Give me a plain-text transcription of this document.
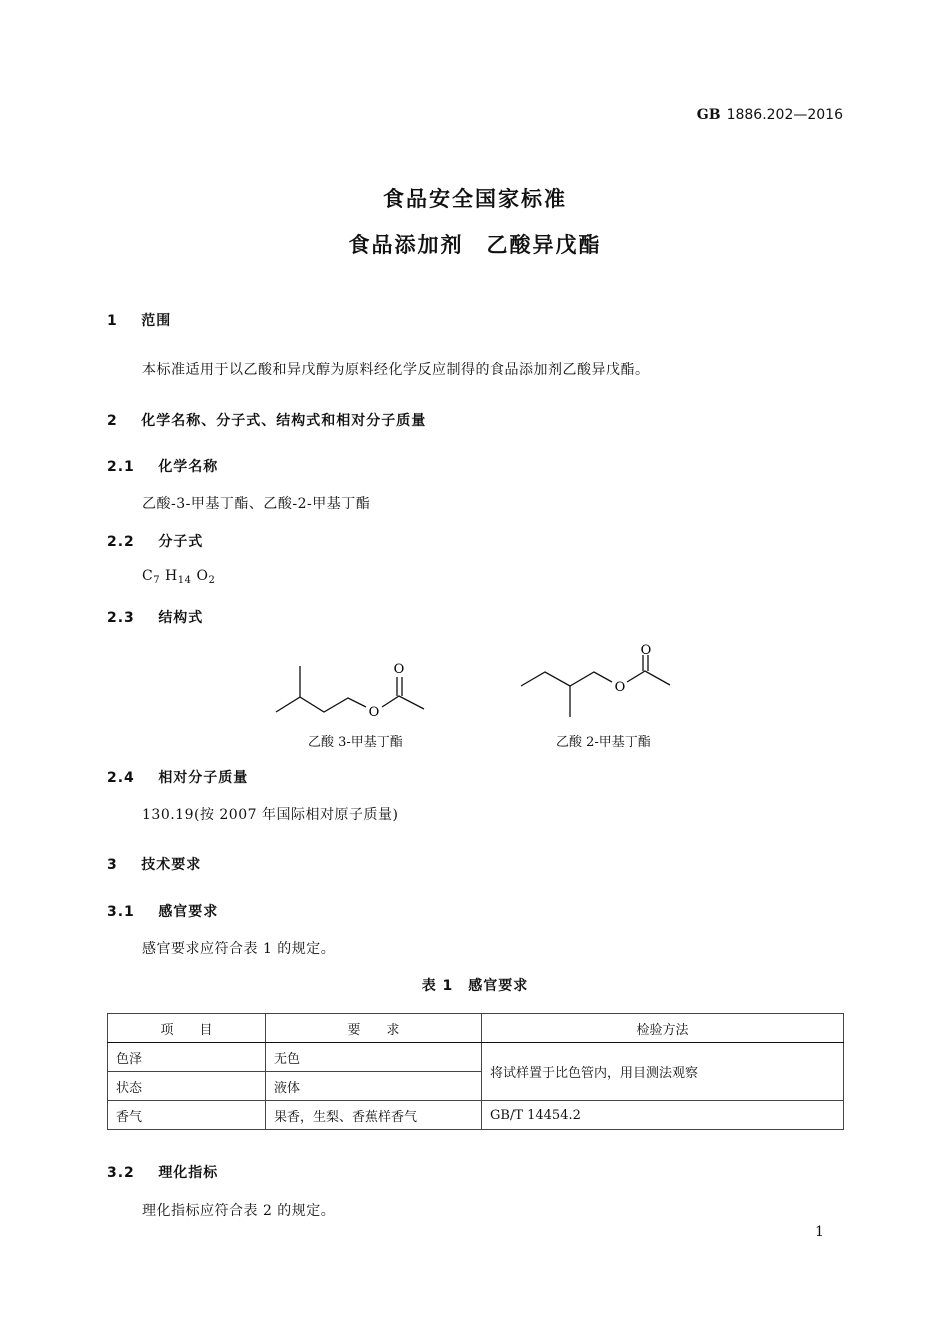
GB 1886.202—2016
食品安全国家标准
食品添加剂　乙酸异戊酯
1 范围
本标准适用于以乙酸和异戊醇为原料经化学反应制得的食品添加剂乙酸异戊酯。
2 化学名称、分子式、结构式和相对分子质量
2.1 化学名称
乙酸-3-甲基丁酯、乙酸-2-甲基丁酯
2.2 分子式
$C_7$ $H_{14}$ $O_2$
2.3 结构式
O
O
乙酸 3-甲基丁酯
O
O
乙酸 2-甲基丁酯
2.4 相对分子质量
130.19(按 2007 年国际相对原子质量)
3 技术要求
3.1 感官要求
感官要求应符合表 1 的规定。
表 1　感官要求
项　　目	要　　求	检验方法
色泽	无色	将试样置于比色管内，用目测法观察
状态	液体	
香气	果香，生梨、香蕉样香气	GB/T 14454.2
3.2 理化指标
理化指标应符合表 2 的规定。
1
